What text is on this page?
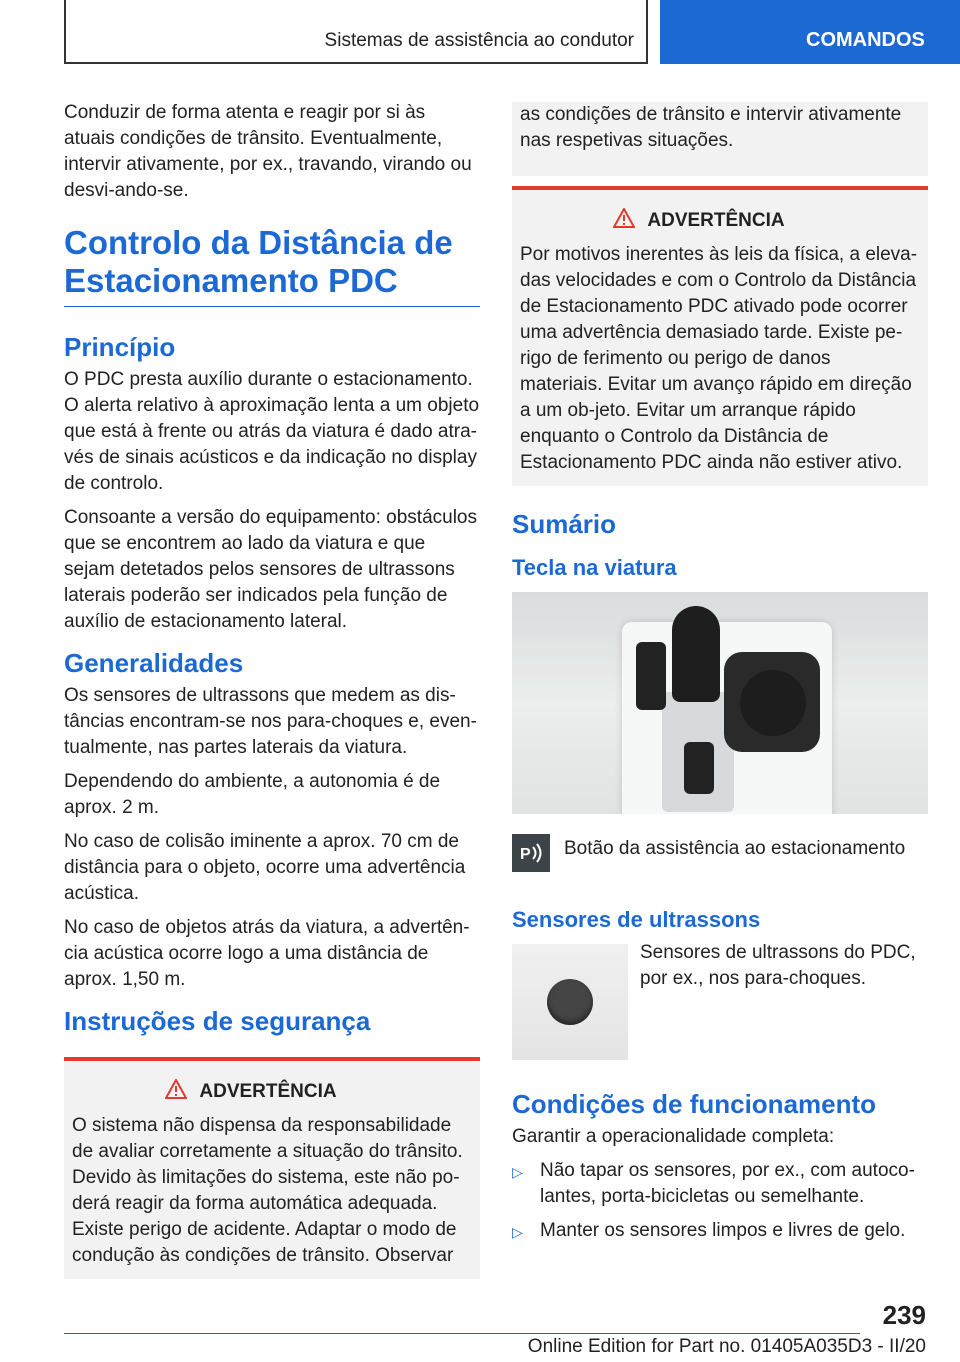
Sistemas de assistência ao condutor	COMANDOS

Conduzir de forma atenta e reagir por si às atuais condições de trânsito. Eventualmente, intervir ativamente, por ex., travando, virando ou desvi-ando-se.

Controlo da Distância de Estacionamento PDC
Princípio

O PDC presta auxílio durante o estacionamento. O alerta relativo à aproximação lenta a um objeto que está à frente ou atrás da viatura é dado atra-vés de sinais acústicos e da indicação no display de controlo.

Consoante a versão do equipamento: obstáculos que se encontrem ao lado da viatura e que sejam detetados pelos sensores de ultrassons laterais poderão ser indicados pela função de auxílio de estacionamento lateral.

Generalidades

Os sensores de ultrassons que medem as dis-tâncias encontram-se nos para-choques e, even-tualmente, nas partes laterais da viatura.

Dependendo do ambiente, a autonomia é de aprox. 2 m.

No caso de colisão iminente a aprox. 70 cm de distância para o objeto, ocorre uma advertência acústica.

No caso de objetos atrás da viatura, a advertên-cia acústica ocorre logo a uma distância de aprox. 1,50 m.

Instruções de segurança
ADVERTÊNCIA

O sistema não dispensa da responsabilidade de avaliar corretamente a situação do trânsito. Devido às limitações do sistema, este não po-derá reagir da forma automática adequada. Existe perigo de acidente. Adaptar o modo de condução às condições de trânsito. Observar

as condições de trânsito e intervir ativamente nas respetivas situações.

ADVERTÊNCIA

Por motivos inerentes às leis da física, a eleva-das velocidades e com o Controlo da Distância de Estacionamento PDC ativado pode ocorrer uma advertência demasiado tarde. Existe pe-rigo de ferimento ou perigo de danos materiais. Evitar um avanço rápido em direção a um ob-jeto. Evitar um arranque rápido enquanto o Controlo da Distância de Estacionamento PDC ainda não estiver ativo.

Sumário
Tecla na viatura
P Botão da assistência ao estacionamento

Sensores de ultrassons

Sensores de ultrassons do PDC, por ex., nos para-choques.

Condições de funcionamento

Garantir a operacionalidade completa:

▷ Não tapar os sensores, por ex., com autoco-lantes, porta-bicicletas ou semelhante.
▷ Manter os sensores limpos e livres de gelo.
239
Online Edition for Part no. 01405A035D3 - II/20
